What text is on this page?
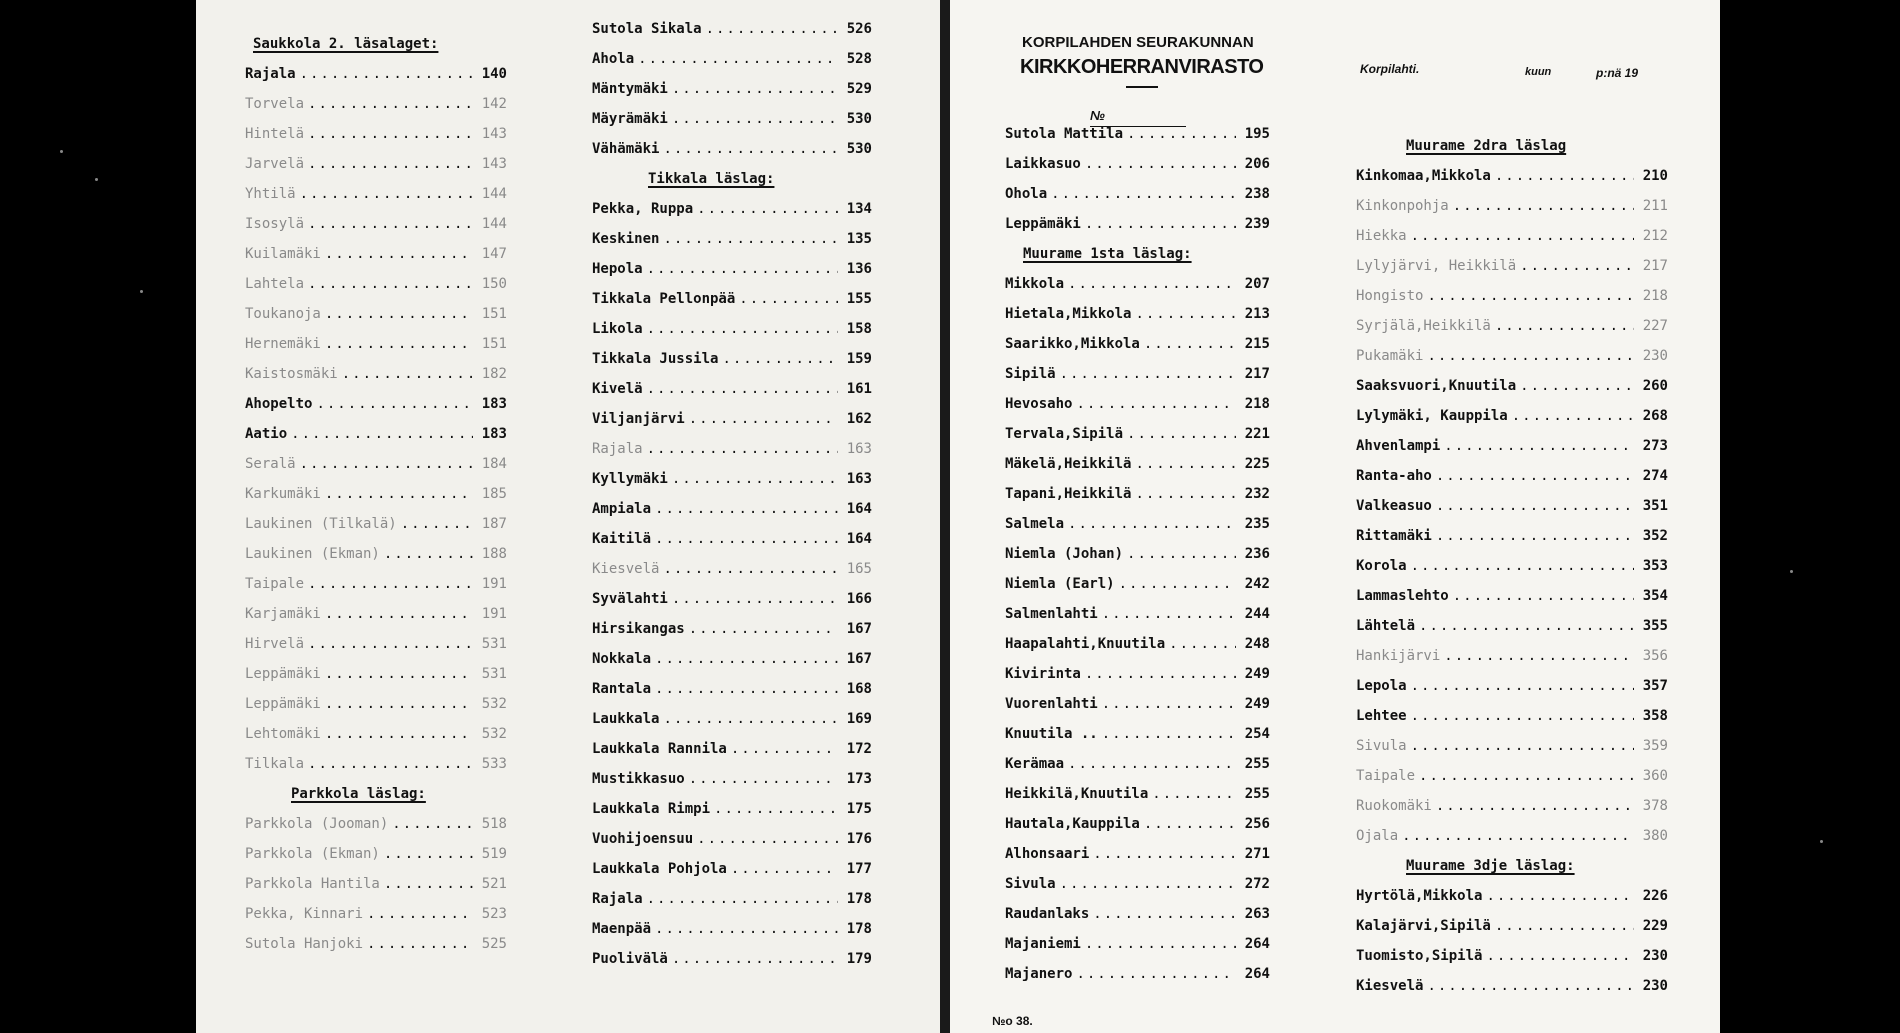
Saukkola 2. läsalaget:
Rajala .....	140
Torvela .....	142
Hintelä .....	143
Jarvelä .....	143
Yhtilä .....	144
Isosylä .....	144
Kuilamäki .....	147
Lahtela .....	150
Toukanoja .....	151
Hernemäki .....	151
Kaistosmäki .....	182
Ahopelto .....	183
Aatio .....	183
Seralä .....	184
Karkumäki .....	185
Laukinen (Tilkalä) .....	187
Laukinen (Ekman) .....	188
Taipale .....	191
Karjamäki .....	191
Hirvelä .....	531
Leppämäki .....	531
Leppämäki .....	532
Lehtomäki .....	532
Tilkala .....	533
Parkkola läslag:
Parkkola (Jooman) .....	518
Parkkola (Ekman) .....	519
Parkkola Hantila .....	521
Pekka, Kinnari .....	523
Sutola Hanjoki .....	525
Sutola Sikala .....	526
Ahola .....	528
Mäntymäki .....	529
Mäyrämäki .....	530
Vähämäki .....	530
Tikkala läslag:
Pekka, Ruppa .....	134
Keskinen .....	135
Hepola .....	136
Tikkala Pellonpää .....	155
Likola .....	158
Tikkala Jussila .....	159
Kivelä .....	161
Viljanjärvi .....	162
Rajala .....	163
Kyllymäki .....	163
Ampiala .....	164
Kaitilä .....	164
Kiesvelä .....	165
Syvälahti .....	166
Hirsikangas .....	167
Nokkala .....	167
Rantala .....	168
Laukkala .....	169
Laukkala Rannila .....	172
Mustikkasuo .....	173
Laukkala Rimpi .....	175
Vuohijoensuu .....	176
Laukkala Pohjola .....	177
Rajala .....	178
Maenpää .....	178
Puolivälä .....	179
KORPILAHDEN SEURAKUNNAN
KIRKKOHERRANVIRASTO	Korpilahti.	kuun	p:nä 19
№
Sutola Mattila .....	195
Laikkasuo .....	206
Ohola .....	238
Leppämäki .....	239
Muurame 1sta läslag:
Mikkola .....	207
Hietala,Mikkola .....	213
Saarikko,Mikkola .....	215
Sipilä .....	217
Hevosaho .....	218
Tervala,Sipilä .....	221
Mäkelä,Heikkilä .....	225
Tapani,Heikkilä .....	232
Salmela .....	235
Niemla (Johan) .....	236
Niemla (Earl) .....	242
Salmenlahti .....	244
Haapalahti,Knuutila .....	248
Kivirinta .....	249
Vuorenlahti .....	249
Knuutila .. .....	254
Kerämaa .....	255
Heikkilä,Knuutila .....	255
Hautala,Kauppila .....	256
Alhonsaari .....	271
Sivula .....	272
Raudanlaks .....	263
Majaniemi .....	264
Majanero .....	264
Muurame 2dra läslag
Kinkomaa,Mikkola .....	210
Kinkonpohja .....	211
Hiekka .....	212
Lylyjärvi, Heikkilä .....	217
Hongisto .....	218
Syrjälä,Heikkilä .....	227
Pukamäki .....	230
Saaksvuori,Knuutila .....	260
Lylymäki, Kauppila .....	268
Ahvenlampi .....	273
Ranta-aho .....	274
Valkeasuo .....	351
Rittamäki .....	352
Korola .....	353
Lammaslehto .....	354
Lähtelä .....	355
Hankijärvi .....	356
Lepola .....	357
Lehtee .....	358
Sivula .....	359
Taipale .....	360
Ruokomäki .....	378
Ojala .....	380
Muurame 3dje läslag:
Hyrtölä,Mikkola .....	226
Kalajärvi,Sipilä .....	229
Tuomisto,Sipilä .....	230
Kiesvelä .....	230
№o 38.
